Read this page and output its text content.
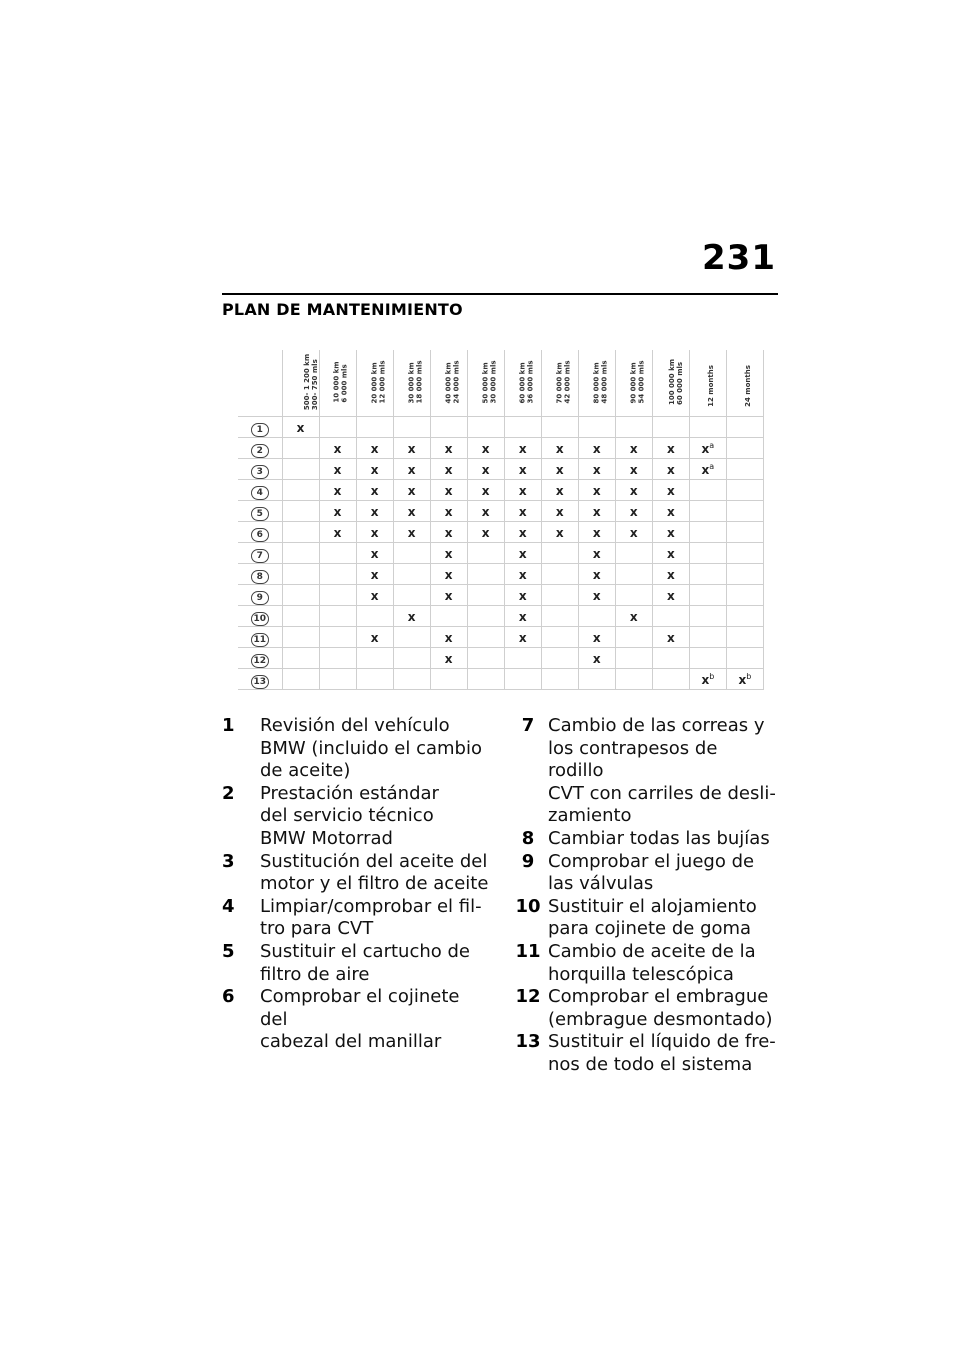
231
PLAN DE MANTENIMIENTO
	500- 1 200 km
300- 750 mls	10 000 km
6 000 mls	20 000 km
12 000 mls	30 000 km
18 000 mls	40 000 km
24 000 mls	50 000 km
30 000 mls	60 000 km
36 000 mls	70 000 km
42 000 mls	80 000 km
48 000 mls	90 000 km
54 000 mls	100 000 km
60 000 mls	12 months	24 months
1	x												
2		x	x	x	x	x	x	x	x	x	x	$x^a$	
3		x	x	x	x	x	x	x	x	x	x	$x^a$	
4		x	x	x	x	x	x	x	x	x	x		
5		x	x	x	x	x	x	x	x	x	x		
6		x	x	x	x	x	x	x	x	x	x		
7			x		x		x		x		x		
8			x		x		x		x		x		
9			x		x		x		x		x		
10				x			x			x			
11			x		x		x		x		x		
12					x				x				
13												$x^b$	$x^b$
1	Revisión del vehículo
BMW (incluido el cambio
de aceite)
2	Prestación estándar
del servicio técnico
BMW Motorrad
3	Sustitución del aceite del
motor y el filtro de aceite
4	Limpiar/comprobar el fil-
tro para CVT
5	Sustituir el cartucho de
filtro de aire
6	Comprobar el cojinete del
cabezal del manillar
7 Cambio de las correas y
los contrapesos de rodillo
CVT con carriles de desli-
zamiento
8 Cambiar todas las bujías
9 Comprobar el juego de
las válvulas
10 Sustituir el alojamiento
para cojinete de goma
11 Cambio de aceite de la
horquilla telescópica
12 Comprobar el embrague
(embrague desmontado)
13 Sustituir el líquido de fre-
nos de todo el sistema
